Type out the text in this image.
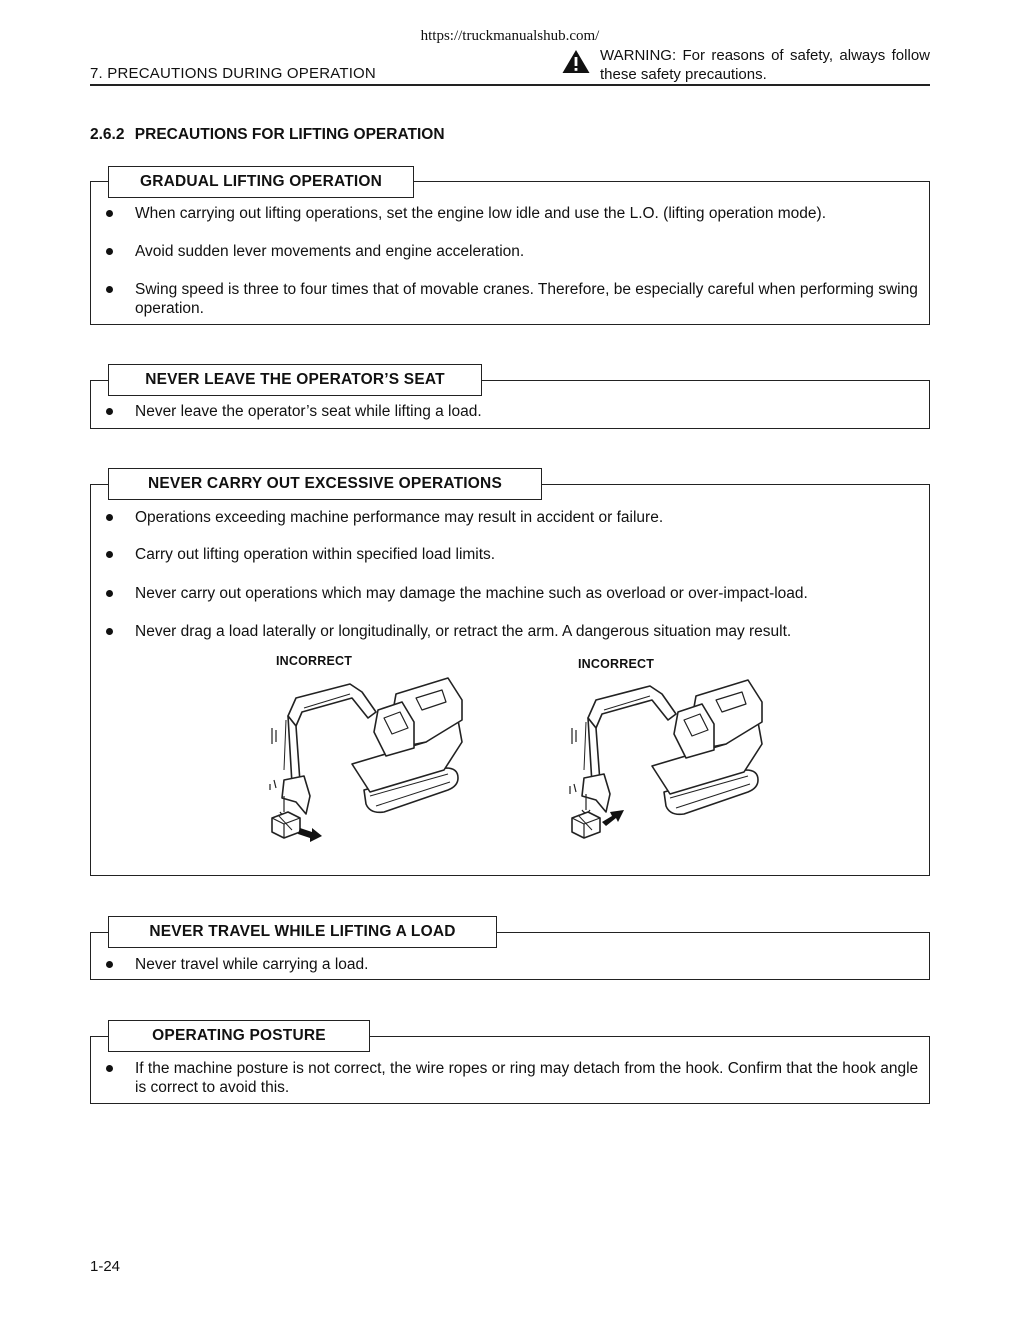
https://truckmanualshub.com/
7. PRECAUTIONS DURING OPERATION
WARNING: For reasons of safety, always follow these safety precautions.
2.6.2 PRECAUTIONS FOR LIFTING OPERATION
GRADUAL LIFTING OPERATION
When carrying out lifting operations, set the engine low idle and use the L.O. (lifting operation mode).
Avoid sudden lever movements and engine acceleration.
Swing speed is three to four times that of movable cranes. Therefore, be especially careful when performing swing operation.
NEVER LEAVE THE OPERATOR’S SEAT
Never leave the operator’s seat while lifting a load.
NEVER CARRY OUT EXCESSIVE OPERATIONS
Operations exceeding machine performance may result in accident or failure.
Carry out lifting operation within specified load limits.
Never carry out operations which may damage the machine such as overload or over-impact-load.
Never drag a load laterally or longitudinally, or retract the arm. A dangerous situation may result.
INCORRECT	INCORRECT
NEVER TRAVEL WHILE LIFTING A LOAD
Never travel while carrying a load.
OPERATING POSTURE
If the machine posture is not correct, the wire ropes or ring may detach from the hook. Confirm that the hook angle is correct to avoid this.
1-24
